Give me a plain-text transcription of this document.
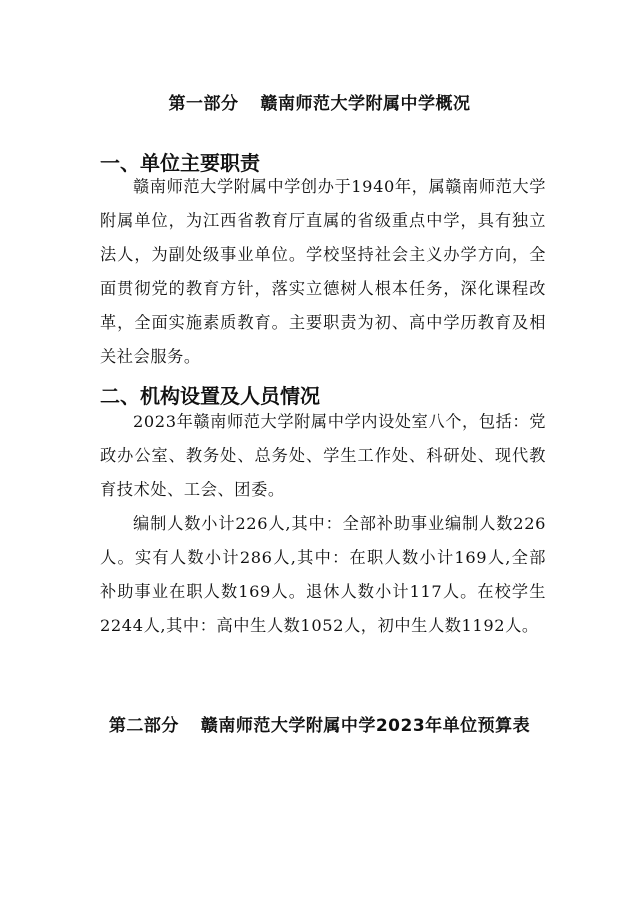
第一部分 赣南师范大学附属中学概况
一、单位主要职责

赣南师范大学附属中学创办于1940年，属赣南师范大学附属单位，为江西省教育厅直属的省级重点中学，具有独立法人，为副处级事业单位。学校坚持社会主义办学方向，全面贯彻党的教育方针，落实立德树人根本任务，深化课程改革，全面实施素质教育。主要职责为初、高中学历教育及相关社会服务。

二、机构设置及人员情况

2023年赣南师范大学附属中学内设处室八个，包括：党政办公室、教务处、总务处、学生工作处、科研处、现代教育技术处、工会、团委。

编制人数小计226人,其中：全部补助事业编制人数226人。实有人数小计286人,其中：在职人数小计169人,全部补助事业在职人数169人。退休人数小计117人。在校学生2244人,其中：高中生人数1052人，初中生人数1192人。

第二部分 赣南师范大学附属中学2023年单位预算表
